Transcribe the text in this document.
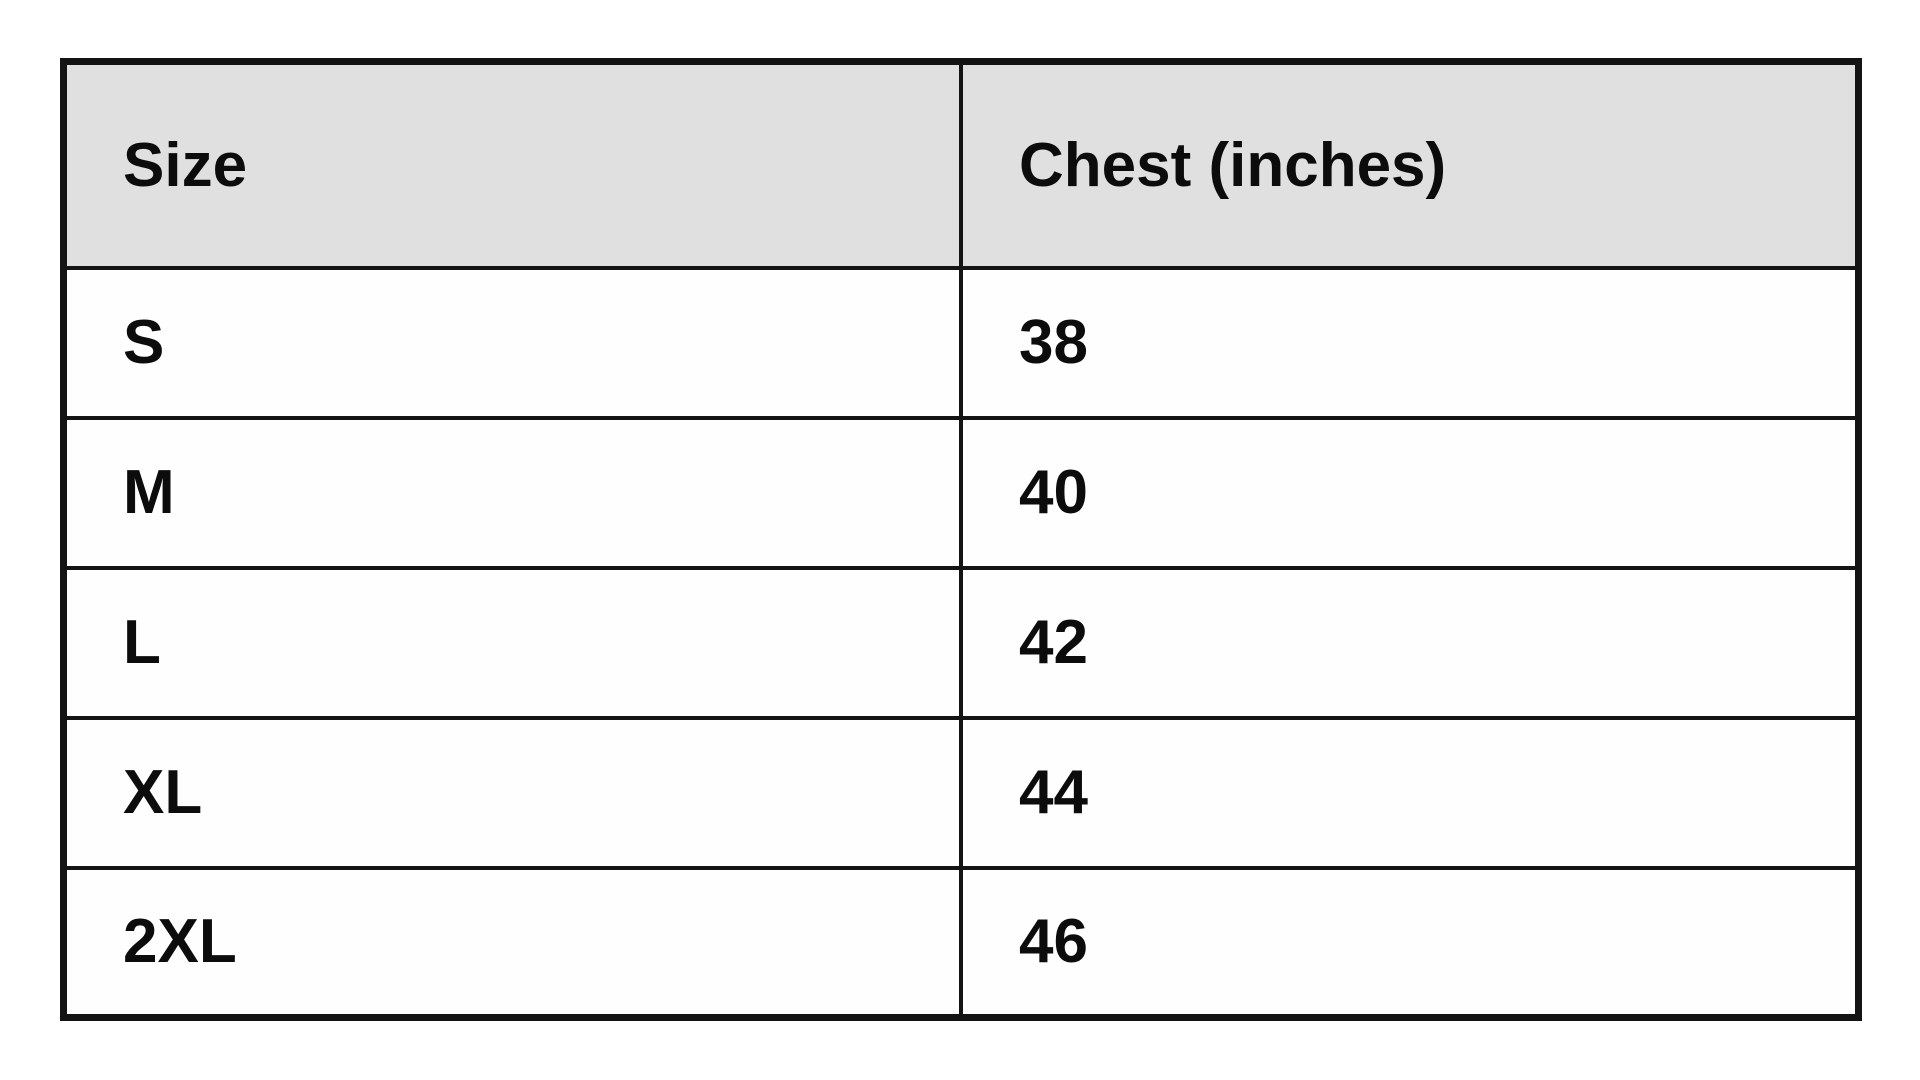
Size	Chest (inches)
S	38
M	40
L	42
XL	44
2XL	46
